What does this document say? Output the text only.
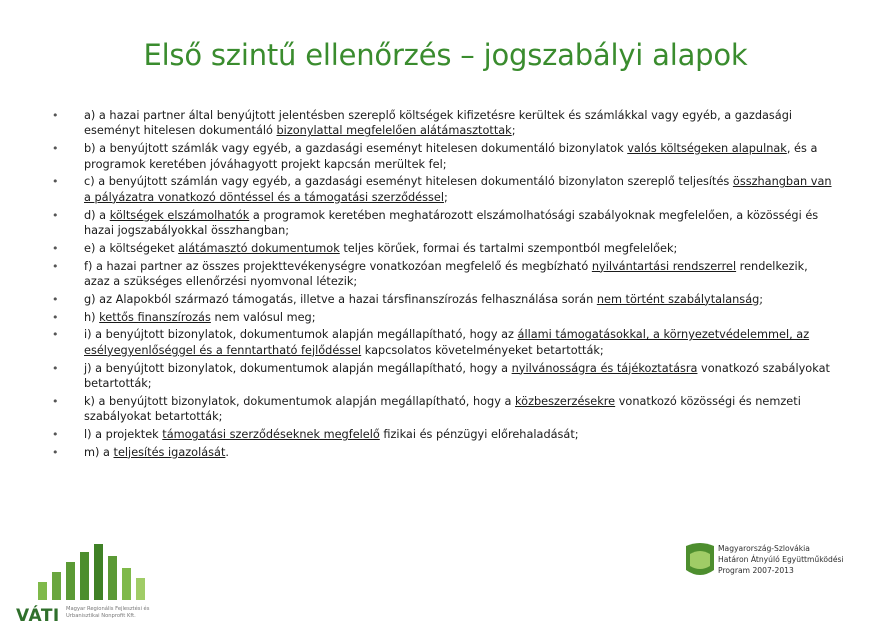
Első szintű ellenőrzés – jogszabályi alapok
•	a) a hazai partner által benyújtott jelentésben szereplő költségek kifizetésre kerültek és számlákkal vagy egyéb, a gazdasági eseményt hitelesen dokumentáló bizonylattal megfelelően alátámasztottak;
•	b) a benyújtott számlák vagy egyéb, a gazdasági eseményt hitelesen dokumentáló bizonylatok valós költségeken alapulnak, és a programok keretében jóváhagyott projekt kapcsán merültek fel;
•	c) a benyújtott számlán vagy egyéb, a gazdasági eseményt hitelesen dokumentáló bizonylaton szereplő teljesítés összhangban van a pályázatra vonatkozó döntéssel és a támogatási szerződéssel;
•	d) a költségek elszámolhatók a programok keretében meghatározott elszámolhatósági szabályoknak megfelelően, a közösségi és hazai jogszabályokkal összhangban;
•	e) a költségeket alátámasztó dokumentumok teljes körűek, formai és tartalmi szempontból megfelelőek;
•	f) a hazai partner az összes projekttevékenységre vonatkozóan megfelelő és megbízható nyilvántartási rendszerrel rendelkezik, azaz a szükséges ellenőrzési nyomvonal létezik;
•	g) az Alapokból származó támogatás, illetve a hazai társfinanszírozás felhasználása során nem történt szabálytalanság;
•	h) kettős finanszírozás nem valósul meg;
•	i) a benyújtott bizonylatok, dokumentumok alapján megállapítható, hogy az állami támogatásokkal, a környezetvédelemmel, az esélyegyenlőséggel és a fenntartható fejlődéssel kapcsolatos követelményeket betartották;
•	j) a benyújtott bizonylatok, dokumentumok alapján megállapítható, hogy a nyilvánosságra és tájékoztatásra vonatkozó szabályokat betartották;
•	k) a benyújtott bizonylatok, dokumentumok alapján megállapítható, hogy a közbeszerzésekre vonatkozó közösségi és nemzeti szabályokat betartották;
•	l) a projektek támogatási szerződéseknek megfelelő fizikai és pénzügyi előrehaladását;
•	m) a teljesítés igazolását.
VÁTI Magyar Regionális Fejlesztési és Urbanisztikai Nonprofit Kft.
Magyarország-Szlovákia
Határon Átnyúló Együttműködési
Program 2007-2013
